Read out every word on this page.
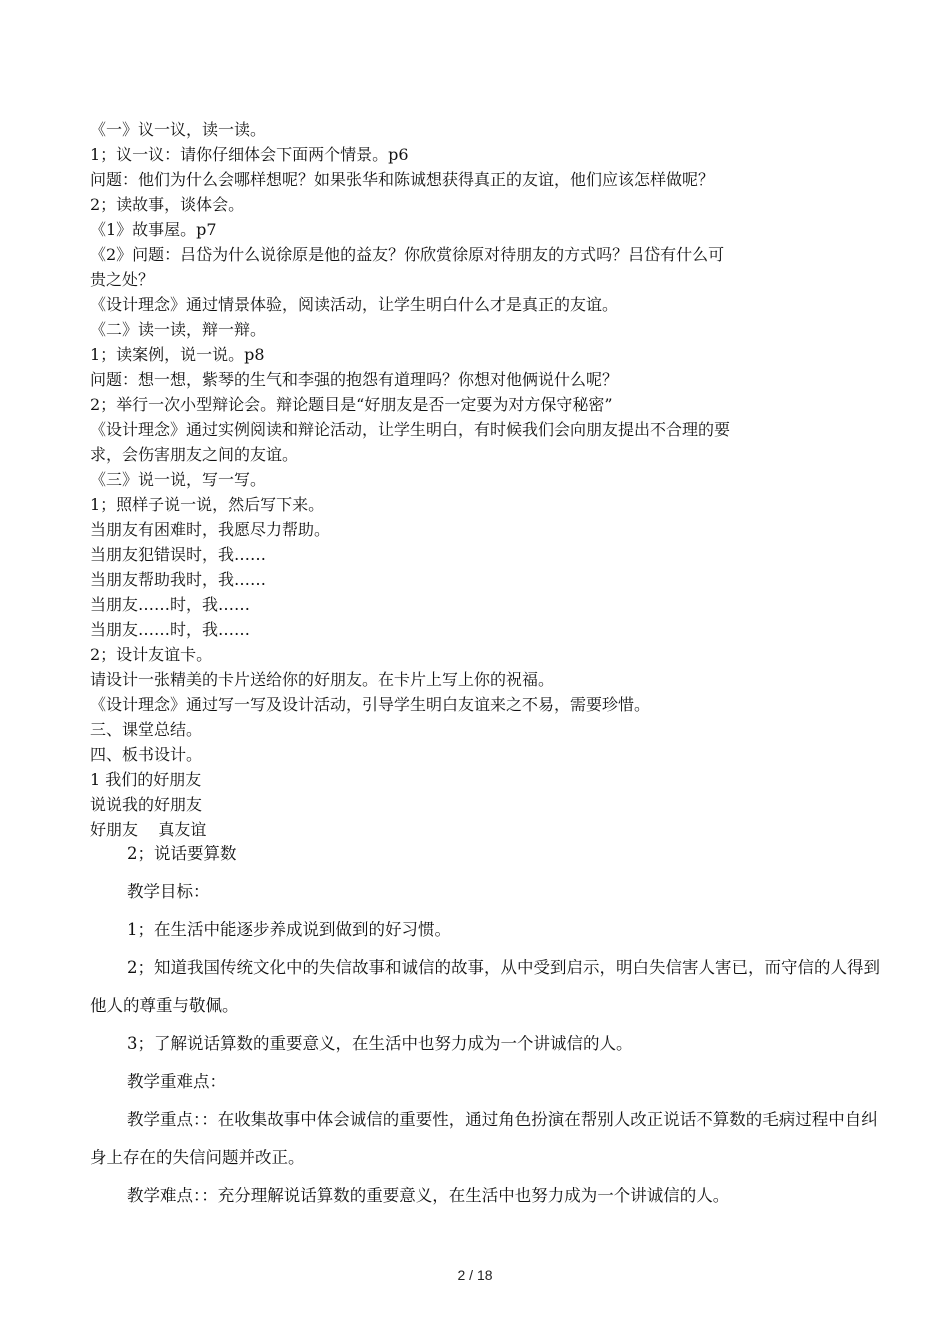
《一》议一议，读一读。

1；议一议：请你仔细体会下面两个情景。p6

问题：他们为什么会哪样想呢？如果张华和陈诚想获得真正的友谊，他们应该怎样做呢？

2；读故事，谈体会。

《1》故事屋。p7

《2》问题：吕岱为什么说徐原是他的益友？你欣赏徐原对待朋友的方式吗？吕岱有什么可

贵之处？

《设计理念》通过情景体验，阅读活动，让学生明白什么才是真正的友谊。

《二》读一读，辩一辩。

1；读案例，说一说。p8

问题：想一想，紫琴的生气和李强的抱怨有道理吗？你想对他俩说什么呢？

2；举行一次小型辩论会。辩论题目是“好朋友是否一定要为对方保守秘密”

《设计理念》通过实例阅读和辩论活动，让学生明白，有时候我们会向朋友提出不合理的要

求，会伤害朋友之间的友谊。

《三》说一说，写一写。

1；照样子说一说，然后写下来。

当朋友有困难时，我愿尽力帮助。

当朋友犯错误时，我……

当朋友帮助我时，我……

当朋友……时，我……

当朋友……时，我……

2；设计友谊卡。

请设计一张精美的卡片送给你的好朋友。在卡片上写上你的祝福。

《设计理念》通过写一写及设计活动，引导学生明白友谊来之不易，需要珍惜。

三、课堂总结。

四、板书设计。

1 我们的好朋友

说说我的好朋友

好朋友    真友谊

2；说话要算数

教学目标：

1；在生活中能逐步养成说到做到的好习惯。

2；知道我国传统文化中的失信故事和诚信的故事，从中受到启示，明白失信害人害已，而守信的人得到他人的尊重与敬佩。

3；了解说话算数的重要意义，在生活中也努力成为一个讲诚信的人。

教学重难点：

教学重点：：在收集故事中体会诚信的重要性，通过角色扮演在帮别人改正说话不算数的毛病过程中自纠身上存在的失信问题并改正。

教学难点：：充分理解说话算数的重要意义，在生活中也努力成为一个讲诚信的人。

2 / 18
